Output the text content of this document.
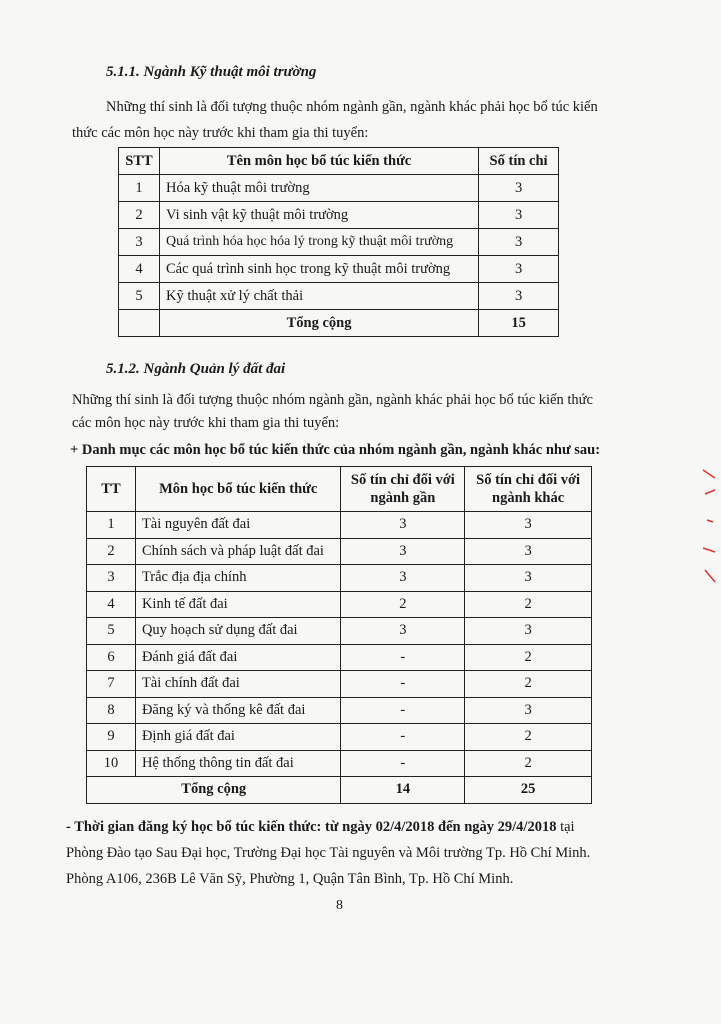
5.1.1. Ngành Kỹ thuật môi trường
Những thí sinh là đối tượng thuộc nhóm ngành gần, ngành khác phải học bổ túc kiến
thức các môn học này trước khi tham gia thi tuyển:
STT	Tên môn học bổ túc kiến thức	Số tín chỉ
1	Hóa kỹ thuật môi trường	3
2	Vi sinh vật kỹ thuật môi trường	3
3	Quá trình hóa học hóa lý trong kỹ thuật môi trường	3
4	Các quá trình sinh học trong kỹ thuật môi trường	3
5	Kỹ thuật xử lý chất thải	3
	Tổng cộng	15
5.1.2. Ngành Quản lý đất đai
Những thí sinh là đối tượng thuộc nhóm ngành gần, ngành khác phải học bổ túc kiến thức
các môn học này trước khi tham gia thi tuyển:
+ Danh mục các môn học bổ túc kiến thức của nhóm ngành gần, ngành khác như sau:
TT	Môn học bổ túc kiến thức	Số tín chỉ đối với ngành gần	Số tín chỉ đối với ngành khác
1	Tài nguyên đất đai	3	3
2	Chính sách và pháp luật đất đai	3	3
3	Trắc địa địa chính	3	3
4	Kinh tế đất đai	2	2
5	Quy hoạch sử dụng đất đai	3	3
6	Đánh giá đất đai	-	2
7	Tài chính đất đai	-	2
8	Đăng ký và thống kê đất đai	-	3
9	Định giá đất đai	-	2
10	Hệ thống thông tin đất đai	-	2
Tổng cộng		14	25
- Thời gian đăng ký học bổ túc kiến thức: từ ngày 02/4/2018 đến ngày 29/4/2018 tại
Phòng Đào tạo Sau Đại học, Trường Đại học Tài nguyên và Môi trường Tp. Hồ Chí Minh.
Phòng A106, 236B Lê Văn Sỹ, Phường 1, Quận Tân Bình, Tp. Hồ Chí Minh.
8
